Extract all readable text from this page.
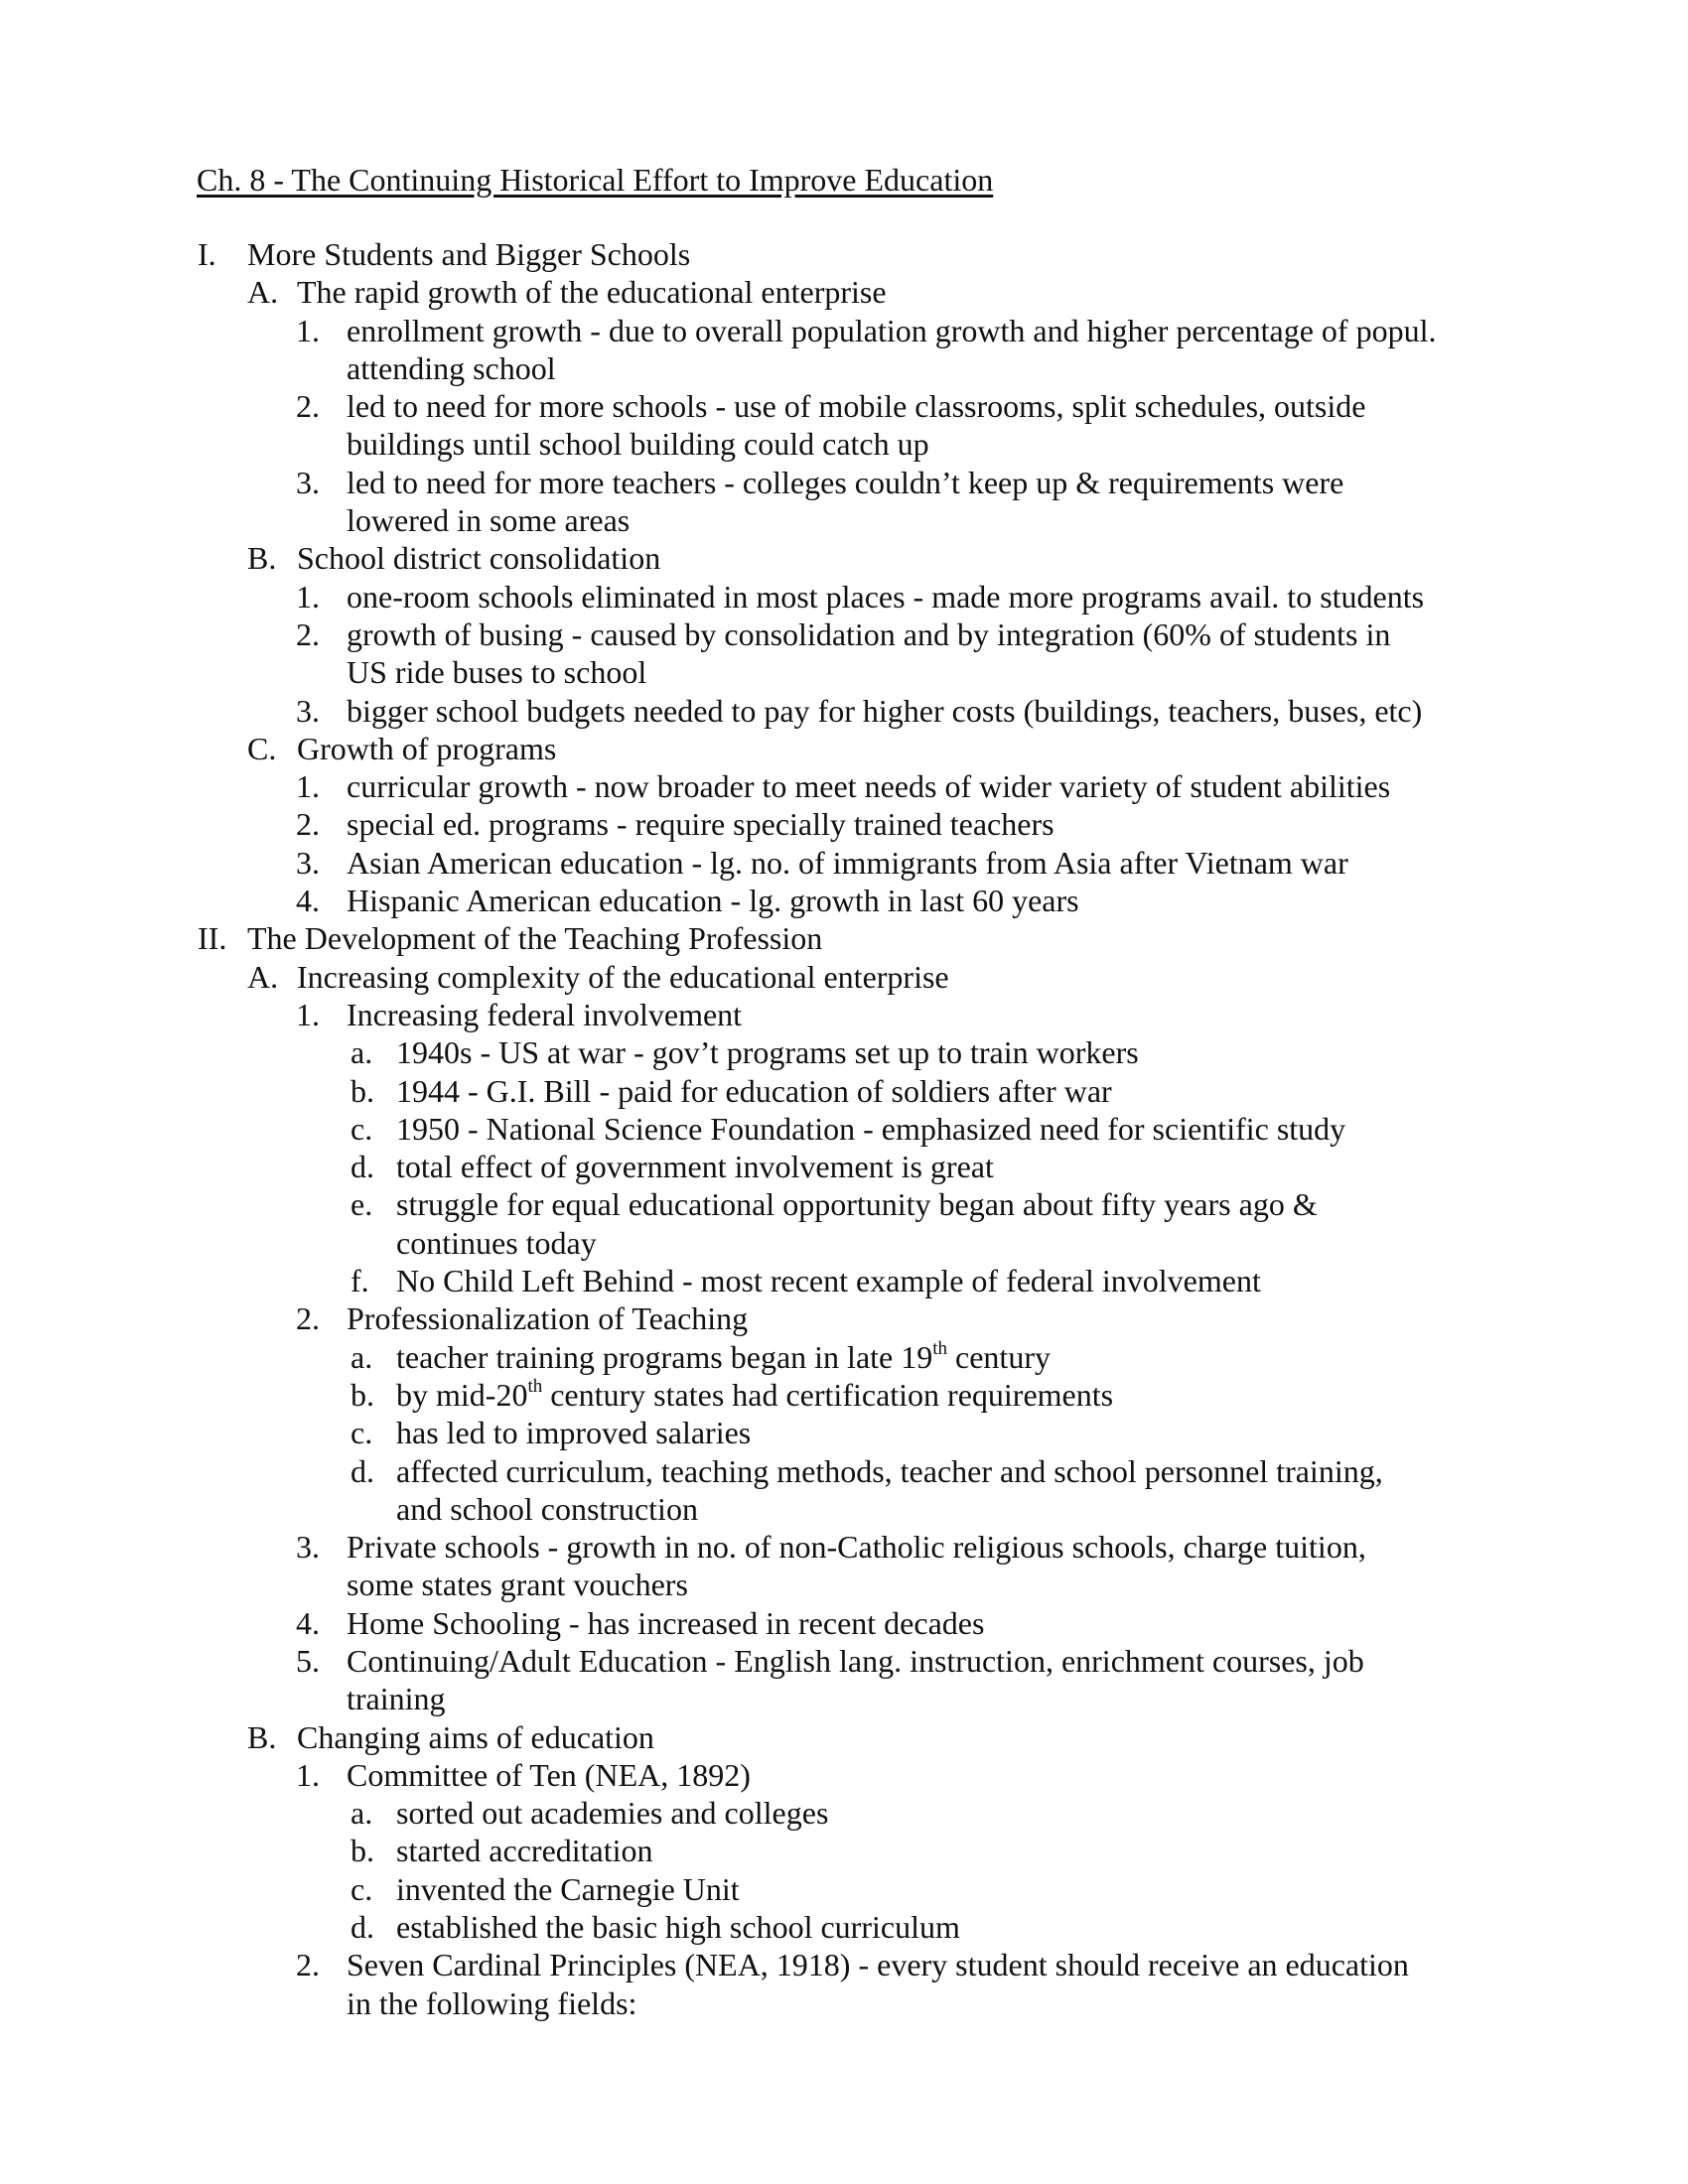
Ch. 8 - The Continuing Historical Effort to Improve Education
I. More Students and Bigger Schools
A. The rapid growth of the educational enterprise
1. enrollment growth - due to overall population growth and higher percentage of popul.
attending school
2. led to need for more schools - use of mobile classrooms, split schedules, outside
buildings until school building could catch up
3. led to need for more teachers - colleges couldn’t keep up & requirements were
lowered in some areas
B. School district consolidation
1. one-room schools eliminated in most places - made more programs avail. to students
2. growth of busing - caused by consolidation and by integration (60% of students in
US ride buses to school
3. bigger school budgets needed to pay for higher costs (buildings, teachers, buses, etc)
C. Growth of programs
1. curricular growth - now broader to meet needs of wider variety of student abilities
2. special ed. programs - require specially trained teachers
3. Asian American education - lg. no. of immigrants from Asia after Vietnam war
4. Hispanic American education - lg. growth in last 60 years
II. The Development of the Teaching Profession
A. Increasing complexity of the educational enterprise
1. Increasing federal involvement
a. 1940s - US at war - gov’t programs set up to train workers
b. 1944 - G.I. Bill - paid for education of soldiers after war
c. 1950 - National Science Foundation - emphasized need for scientific study
d. total effect of government involvement is great
e. struggle for equal educational opportunity began about fifty years ago &
continues today
f. No Child Left Behind - most recent example of federal involvement
2. Professionalization of Teaching
a. teacher training programs began in late 19th century
b. by mid-20th century states had certification requirements
c. has led to improved salaries
d. affected curriculum, teaching methods, teacher and school personnel training,
and school construction
3. Private schools - growth in no. of non-Catholic religious schools, charge tuition,
some states grant vouchers
4. Home Schooling - has increased in recent decades
5. Continuing/Adult Education - English lang. instruction, enrichment courses, job
training
B. Changing aims of education
1. Committee of Ten (NEA, 1892)
a. sorted out academies and colleges
b. started accreditation
c. invented the Carnegie Unit
d. established the basic high school curriculum
2. Seven Cardinal Principles (NEA, 1918) - every student should receive an education
in the following fields:
